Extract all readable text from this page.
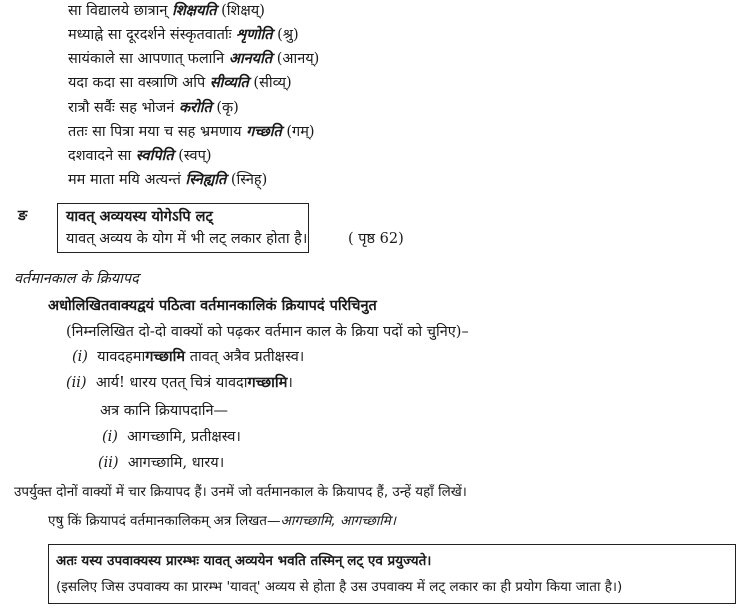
सा विद्यालये छात्रान् शिक्षयति (शिक्षय्)
मध्याह्ने सा दूरदर्शने संस्कृतवार्ताः शृणोति (श्रु)
सायंकाले सा आपणात् फलानि आनयति (आनय्)
यदा कदा सा वस्त्राणि अपि सीव्यति (सीव्य्)
रात्रौ सर्वैः सह भोजनं करोति (कृ)
ततः सा पित्रा मया च सह भ्रमणाय गच्छति (गम्)
दशवादने सा स्वपिति (स्वप्)
मम माता मयि अत्यन्तं स्निह्यति (स्निह्)
ङ	यावत् अव्ययस्य योगेऽपि लट्
यावत् अव्यय के योग में भी लट् लकार होता है।	( पृष्ठ 62)
वर्तमानकाल के क्रियापद
अधोलिखितवाक्यद्वयं पठित्वा वर्तमानकालिकं क्रियापदं परिचिनुत
(निम्नलिखित दो-दो वाक्यों को पढ़कर वर्तमान काल के क्रिया पदों को चुनिए)–
(i) यावदहमागच्छामि तावत् अत्रैव प्रतीक्षस्व।
(ii) आर्य! धारय एतत् चित्रं यावदागच्छामि।
अत्र कानि क्रियापदानि—
(i) आगच्छामि, प्रतीक्षस्व।
(ii) आगच्छामि, धारय।
उपर्युक्त दोनों वाक्यों में चार क्रियापद हैं। उनमें जो वर्तमानकाल के क्रियापद हैं, उन्हें यहाँ लिखें।
एषु किं क्रियापदं वर्तमानकालिकम् अत्र लिखत—आगच्छामि, आगच्छामि।
अतः यस्य उपवाक्यस्य प्रारम्भः यावत् अव्ययेन भवति तस्मिन् लट् एव प्रयुज्यते।
(इसलिए जिस उपवाक्य का प्रारम्भ 'यावत्' अव्यय से होता है उस उपवाक्य में लट् लकार का ही प्रयोग किया जाता है।)
